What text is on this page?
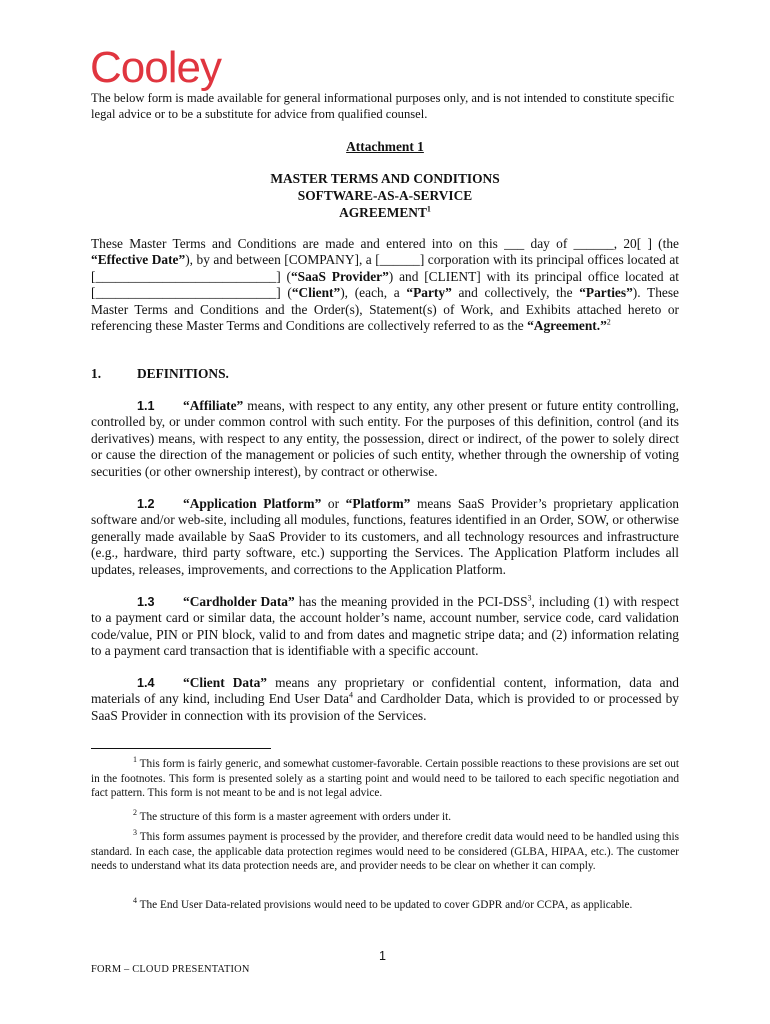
Cooley
The below form is made available for general informational purposes only, and is not intended to constitute specific legal advice or to be a substitute for advice from qualified counsel.
Attachment 1
MASTER TERMS AND CONDITIONS
SOFTWARE-AS-A-SERVICE
AGREEMENT$^1$
These Master Terms and Conditions are made and entered into on this ___ day of ______, 20[ ] (the “Effective Date”), by and between [COMPANY], a [______] corporation with its principal offices located at [___________________________] (“SaaS Provider”) and [CLIENT] with its principal office located at [___________________________] (“Client”), (each, a “Party” and collectively, the “Parties”). These Master Terms and Conditions and the Order(s), Statement(s) of Work, and Exhibits attached hereto or referencing these Master Terms and Conditions are collectively referred to as the “Agreement.”$^2$
1.	DEFINITIONS.
1.1 “Affiliate” means, with respect to any entity, any other present or future entity controlling, controlled by, or under common control with such entity. For the purposes of this definition, control (and its derivatives) means, with respect to any entity, the possession, direct or indirect, of the power to solely direct or cause the direction of the management or policies of such entity, whether through the ownership of voting securities (or other ownership interest), by contract or otherwise.
1.2 “Application Platform” or “Platform” means SaaS Provider’s proprietary application software and/or web-site, including all modules, functions, features identified in an Order, SOW, or otherwise generally made available by SaaS Provider to its customers, and all technology resources and infrastructure (e.g., hardware, third party software, etc.) supporting the Services. The Application Platform includes all updates, releases, improvements, and corrections to the Application Platform.
1.3 “Cardholder Data” has the meaning provided in the PCI-DSS$^3$, including (1) with respect to a payment card or similar data, the account holder’s name, account number, service code, card validation code/value, PIN or PIN block, valid to and from dates and magnetic stripe data; and (2) information relating to a payment card transaction that is identifiable with a specific account.
1.4 “Client Data” means any proprietary or confidential content, information, data and materials of any kind, including End User Data$^4$ and Cardholder Data, which is provided to or processed by SaaS Provider in connection with its provision of the Services.
$^1$ This form is fairly generic, and somewhat customer-favorable. Certain possible reactions to these provisions are set out in the footnotes. This form is presented solely as a starting point and would need to be tailored to each specific negotiation and fact pattern. This form is not meant to be and is not legal advice.
$^2$ The structure of this form is a master agreement with orders under it.
$^3$ This form assumes payment is processed by the provider, and therefore credit data would need to be handled using this standard. In each case, the applicable data protection regimes would need to be considered (GLBA, HIPAA, etc.). The customer needs to understand what its data protection needs are, and provider needs to be clear on whether it can comply.
$^4$ The End User Data-related provisions would need to be updated to cover GDPR and/or CCPA, as applicable.
1
FORM – CLOUD PRESENTATION
